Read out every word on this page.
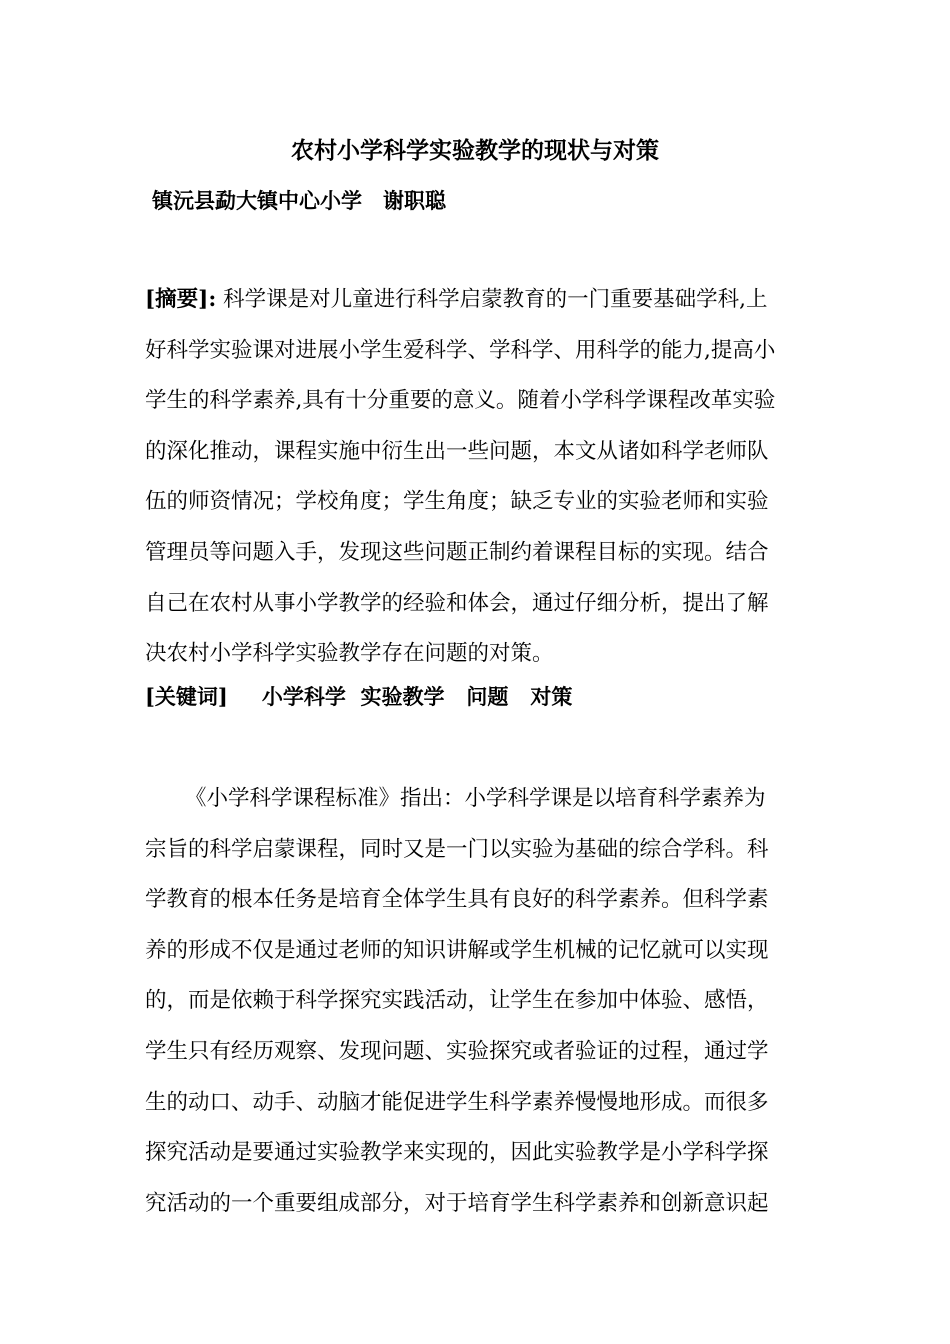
农村小学科学实验教学的现状与对策
镇沅县勐大镇中心小学　谢职聪
[摘要]: 科学课是对儿童进行科学启蒙教育的一门重要基础学科,上
好科学实验课对进展小学生爱科学、学科学、用科学的能力,提高小
学生的科学素养,具有十分重要的意义。随着小学科学课程改革实验
的深化推动，课程实施中衍生出一些问题，本文从诸如科学老师队
伍的师资情况；学校角度；学生角度；缺乏专业的实验老师和实验
管理员等问题入手，发现这些问题正制约着课程目标的实现。结合
自己在农村从事小学教学的经验和体会，通过仔细分析，提出了解
决农村小学科学实验教学存在问题的对策。
[关键词] 小学科学  实验教学   问题   对策
《小学科学课程标准》指出：小学科学课是以培育科学素养为
宗旨的科学启蒙课程，同时又是一门以实验为基础的综合学科。科
学教育的根本任务是培育全体学生具有良好的科学素养。但科学素
养的形成不仅是通过老师的知识讲解或学生机械的记忆就可以实现
的，而是依赖于科学探究实践活动，让学生在参加中体验、感悟，
学生只有经历观察、发现问题、实验探究或者验证的过程，通过学
生的动口、动手、动脑才能促进学生科学素养慢慢地形成。而很多
探究活动是要通过实验教学来实现的，因此实验教学是小学科学探
究活动的一个重要组成部分，对于培育学生科学素养和创新意识起
